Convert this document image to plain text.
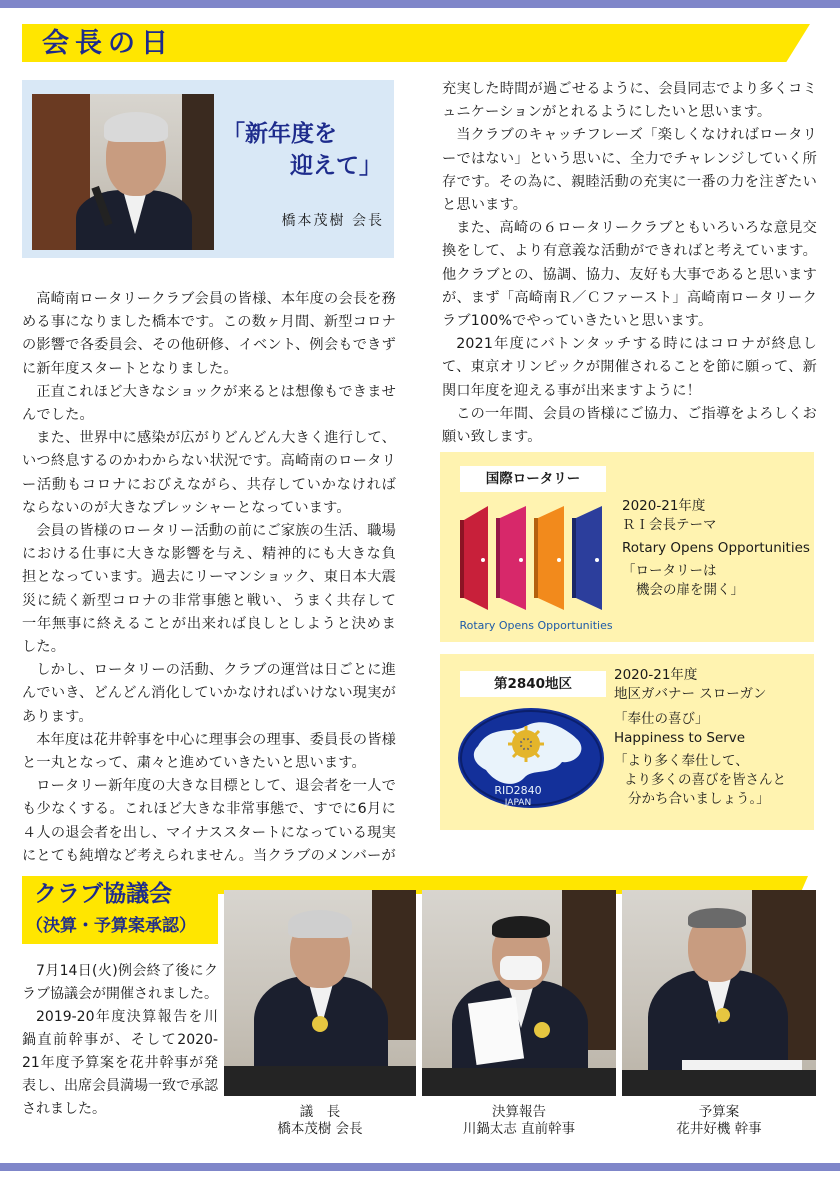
会長の日
「新年度を
迎えて」
橋本茂樹 会長

高崎南ロータリークラブ会員の皆様、本年度の会長を務める事になりました橋本です。この数ヶ月間、新型コロナの影響で各委員会、その他研修、イベント、例会もできずに新年度スタートとなりました。

正直これほど大きなショックが来るとは想像もできませんでした。

また、世界中に感染が広がりどんどん大きく進行して、いつ終息するのかわからない状況です。高崎南のロータリー活動もコロナにおびえながら、共存していかなければならないのが大きなプレッシャーとなっています。

会員の皆様のロータリー活動の前にご家族の生活、職場における仕事に大きな影響を与え、精神的にも大きな負担となっています。過去にリーマンショック、東日本大震災に続く新型コロナの非常事態と戦い、うまく共存して一年無事に終えることが出来れば良しとしようと決めました。

しかし、ロータリーの活動、クラブの運営は日ごとに進んでいき、どんどん消化していかなければいけない現実があります。

本年度は花井幹事を中心に理事会の理事、委員長の皆様と一丸となって、粛々と進めていきたいと思います。

ロータリー新年度の大きな目標として、退会者を一人でも少なくする。これほど大きな非常事態で、すでに6月に４人の退会者を出し、マイナススタートになっている現実にとても純増など考えられません。当クラブのメンバーが

充実した時間が過ごせるように、会員同志でより多くコミュニケーションがとれるようにしたいと思います。

当クラブのキャッチフレーズ「楽しくなければロータリーではない」という思いに、全力でチャレンジしていく所存です。その為に、親睦活動の充実に一番の力を注ぎたいと思います。

また、高崎の６ロータリークラブともいろいろな意見交換をして、より有意義な活動ができればと考えています。他クラブとの、協調、協力、友好も大事であると思いますが、まず「高崎南Ｒ／Ｃファースト」高崎南ロータリークラブ100%でやっていきたいと思います。

2021年度にバトンタッチする時にはコロナが終息して、東京オリンピックが開催されることを節に願って、新関口年度を迎える事が出来ますように！

この一年間、会員の皆様にご協力、ご指導をよろしくお願い致します。

国際ロータリー
Rotary Opens Opportunities
2020-21年度
ＲＩ会長テーマ
Rotary Opens Opportunities
「ロータリーは
機会の扉を開く」
第2840地区
RID2840
JAPAN
2020-21年度
地区ガバナー スローガン
「奉仕の喜び」
Happiness to Serve
「より多く奉仕して、
より多くの喜びを皆さんと
分かち合いましょう。」
クラブ協議会
（決算・予算案承認）

7月14日(火)例会終了後にクラブ協議会が開催されました。

2019-20年度決算報告を川鍋直前幹事が、そして2020-21年度予算案を花井幹事が発表し、出席会員満場一致で承認されました。	議　長
橋本茂樹 会長
決算報告
川鍋太志 直前幹事
予算案
花井好機 幹事
